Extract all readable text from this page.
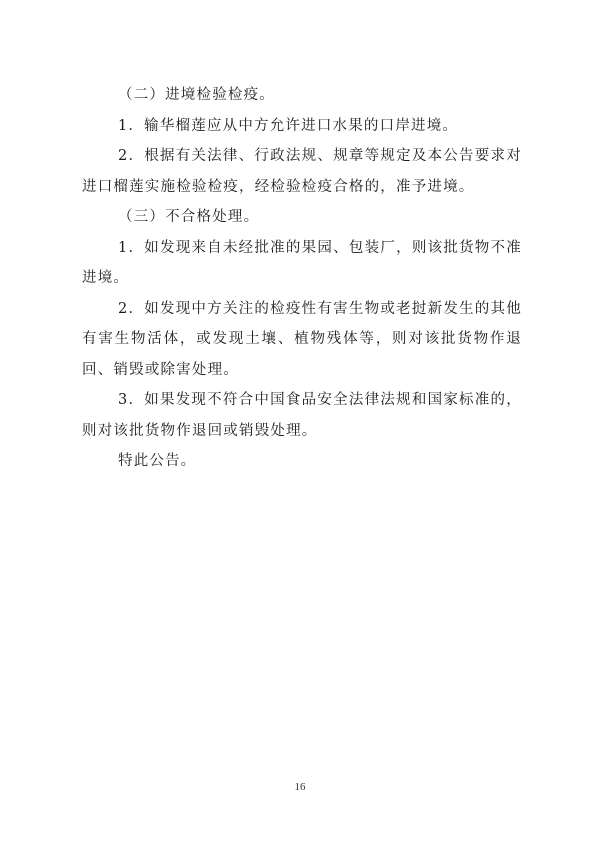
（二）进境检验检疫。

1．输华榴莲应从中方允许进口水果的口岸进境。

2．根据有关法律、行政法规、规章等规定及本公告要求对进口榴莲实施检验检疫，经检验检疫合格的，准予进境。

（三）不合格处理。

1．如发现来自未经批准的果园、包装厂，则该批货物不准进境。

2．如发现中方关注的检疫性有害生物或老挝新发生的其他有害生物活体，或发现土壤、植物残体等，则对该批货物作退回、销毁或除害处理。

3．如果发现不符合中国食品安全法律法规和国家标准的，则对该批货物作退回或销毁处理。

特此公告。

16
